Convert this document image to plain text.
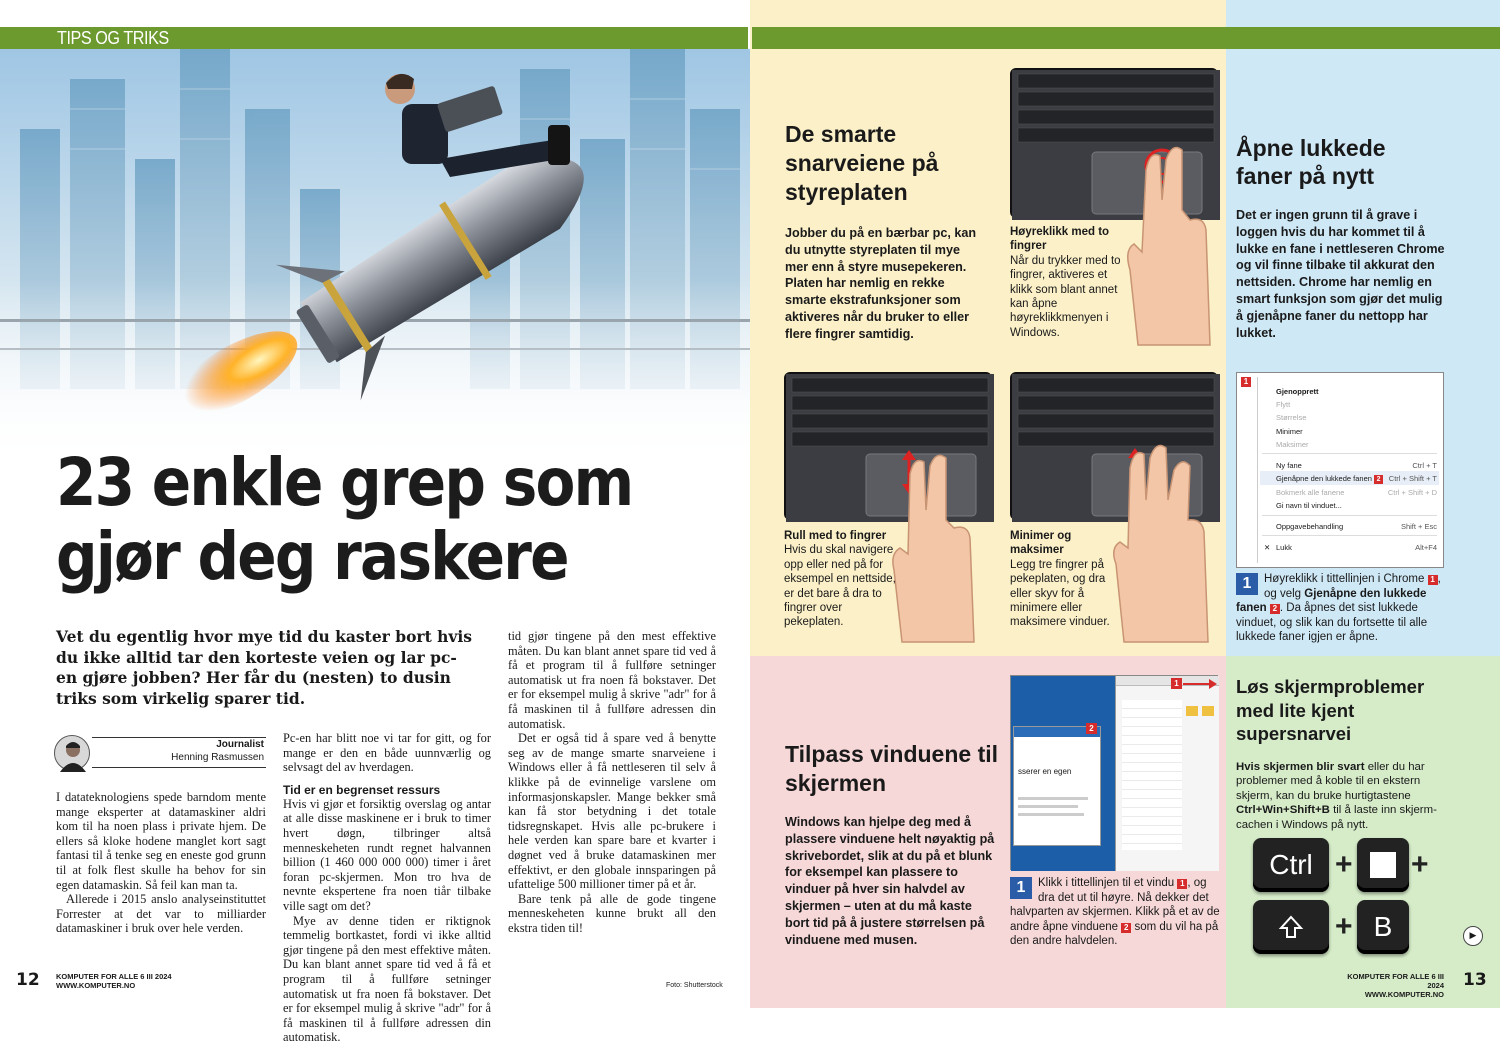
TIPS OG TRIKS
23 enkle grep som gjør deg raskere

Vet du egentlig hvor mye tid du kaster bort hvis du ikke alltid tar den korteste veien og lar pc-en gjøre jobben? Her får du (nesten) to dusin triks som virkelig sparer tid.

Journalist
Henning Rasmussen

I datateknologiens spede barndom mente mange eksperter at datamaskiner aldri kom til ha noen plass i private hjem. De ellers så kloke hodene manglet kort sagt fantasi til å tenke seg en eneste god grunn til at folk flest skulle ha behov for sin egen datamaskin. Så feil kan man ta.

Allerede i 2015 anslo analyseinstituttet Forrester at det var to milliarder datamaskiner i bruk over hele verden.

Pc-en har blitt noe vi tar for gitt, og for mange er den en både uunnværlig og selvsagt del av hverdagen.

Tid er en begrenset ressurs

Hvis vi gjør et forsiktig overslag og antar at alle disse maskinene er i bruk to timer hvert døgn, tilbringer altså menneskeheten rundt regnet halvannen billion (1 460 000 000 000) timer i året foran pc-skjermen. Mon tro hva de nevnte ekspertene fra noen tiår tilbake ville sagt om det?

Mye av denne tiden er riktignok temmelig bortkastet, fordi vi ikke alltid gjør tingene på den mest effektive måten. Du kan blant annet spare tid ved å få et program til å fullføre setninger automatisk ut fra noen få bokstaver. Det er for eksempel mulig å skrive "adr" for å få maskinen til å fullføre adressen din automatisk.

tid gjør tingene på den mest effektive måten. Du kan blant annet spare tid ved å få et program til å fullføre setninger automatisk ut fra noen få bokstaver. Det er for eksempel mulig å skrive "adr" for å få maskinen til å fullføre adressen din automatisk.

Det er også tid å spare ved å benytte seg av de mange smarte snarveiene i Windows eller å få nettleseren til selv å klikke på de evinnelige varslene om informasjonskapsler. Mange bekker små kan få stor betydning i det totale tidsregnskapet. Hvis alle pc-brukere i hele verden kan spare bare et kvarter i døgnet ved å bruke datamaskinen mer effektivt, er den globale innsparingen på ufattelige 500 millioner timer på et år.

Bare tenk på alle de gode tingene menneskeheten kunne brukt all den ekstra tiden til!

12 KOMPUTER FOR ALLE 6 III 2024
WWW.KOMPUTER.NO	Foto: Shutterstock
De smarte snarveiene på styreplaten
Jobber du på en bærbar pc, kan du utnytte styreplaten til mye mer enn å styre musepekeren. Platen har nemlig en rekke smarte ekstrafunksjoner som aktiveres når du bruker to eller flere fingrer samtidig.
Høyreklikk med to fingrer
Når du trykker med to fingrer, aktiveres et klikk som blant annet kan åpne høyreklikkmenyen i Windows.
Rull med to fingrer
Hvis du skal navigere opp eller ned på for eksempel en nettside, er det bare å dra to fingrer over pekeplaten.
Minimer og maksimer
Legg tre fingrer på pekeplaten, og dra eller skyv for å minimere eller maksimere vinduer.
Åpne lukkede faner på nytt
Det er ingen grunn til å grave i loggen hvis du har kommet til å lukke en fane i nettleseren Chrome og vil finne tilbake til akkurat den nettsiden. Chrome har nemlig en smart funksjon som gjør det mulig å gjenåpne faner du nettopp har lukket.
1
Gjenopprett
Flytt
Størrelse
Minimer
Maksimer
Ny fane	Ctrl + T
Gjenåpne den lukkede fanen 2	Ctrl + Shift + T
Bokmerk alle fanene	Ctrl + Shift + D
Gi navn til vinduet...
Oppgavebehandling	Shift + Esc
✕ Lukk	Alt+F4
1	Høyreklikk i tittellinjen i Chrome 1 , og velg Gjenåpne den lukkede fanen 2 . Da åpnes det sist lukkede vinduet, og slik kan du fortsette til alle lukkede faner igjen er åpne.
Tilpass vinduene til skjermen
Windows kan hjelpe deg med å plassere vinduene helt nøyaktig på skrivebordet, slik at du på et blunk for eksempel kan plassere to vinduer på hver sin halvdel av skjermen – uten at du må kaste bort tid på å justere størrelsen på vinduene med musen.
sserer en egen
2
1
1	Klikk i tittellinjen til et vindu 1 , og dra det ut til høyre. Nå dekker det halvparten av skjermen. Klikk på et av de andre åpne vinduene 2 som du vil ha på den andre halvdelen.
Løs skjermproblemer med lite kjent supersnarvei
Hvis skjermen blir svart eller du har problemer med å koble til en ekstern skjerm, kan du bruke hurtigtastene Ctrl+Win+Shift+B til å laste inn skjerm-cachen i Windows på nytt.
Ctrl + +
+ B	▶
KOMPUTER FOR ALLE 6 III 2024
WWW.KOMPUTER.NO
13
